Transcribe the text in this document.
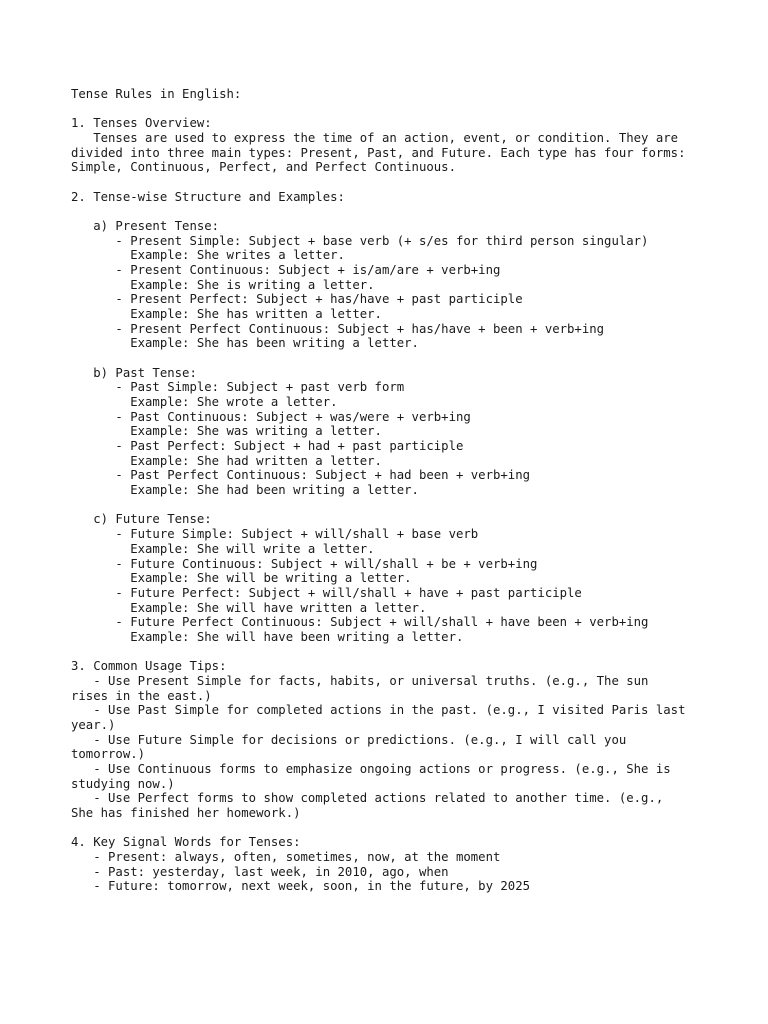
Tense Rules in English:
1. Tenses Overview:
Tenses are used to express the time of an action, event, or condition. They are
divided into three main types: Present, Past, and Future. Each type has four forms:
Simple, Continuous, Perfect, and Perfect Continuous.
2. Tense-wise Structure and Examples:
a) Present Tense:
- Present Simple: Subject + base verb (+ s/es for third person singular)
Example: She writes a letter.
- Present Continuous: Subject + is/am/are + verb+ing
Example: She is writing a letter.
- Present Perfect: Subject + has/have + past participle
Example: She has written a letter.
- Present Perfect Continuous: Subject + has/have + been + verb+ing
Example: She has been writing a letter.
b) Past Tense:
- Past Simple: Subject + past verb form
Example: She wrote a letter.
- Past Continuous: Subject + was/were + verb+ing
Example: She was writing a letter.
- Past Perfect: Subject + had + past participle
Example: She had written a letter.
- Past Perfect Continuous: Subject + had been + verb+ing
Example: She had been writing a letter.
c) Future Tense:
- Future Simple: Subject + will/shall + base verb
Example: She will write a letter.
- Future Continuous: Subject + will/shall + be + verb+ing
Example: She will be writing a letter.
- Future Perfect: Subject + will/shall + have + past participle
Example: She will have written a letter.
- Future Perfect Continuous: Subject + will/shall + have been + verb+ing
Example: She will have been writing a letter.
3. Common Usage Tips:
- Use Present Simple for facts, habits, or universal truths. (e.g., The sun
rises in the east.)
- Use Past Simple for completed actions in the past. (e.g., I visited Paris last
year.)
- Use Future Simple for decisions or predictions. (e.g., I will call you
tomorrow.)
- Use Continuous forms to emphasize ongoing actions or progress. (e.g., She is
studying now.)
- Use Perfect forms to show completed actions related to another time. (e.g.,
She has finished her homework.)
4. Key Signal Words for Tenses:
- Present: always, often, sometimes, now, at the moment
- Past: yesterday, last week, in 2010, ago, when
- Future: tomorrow, next week, soon, in the future, by 2025
